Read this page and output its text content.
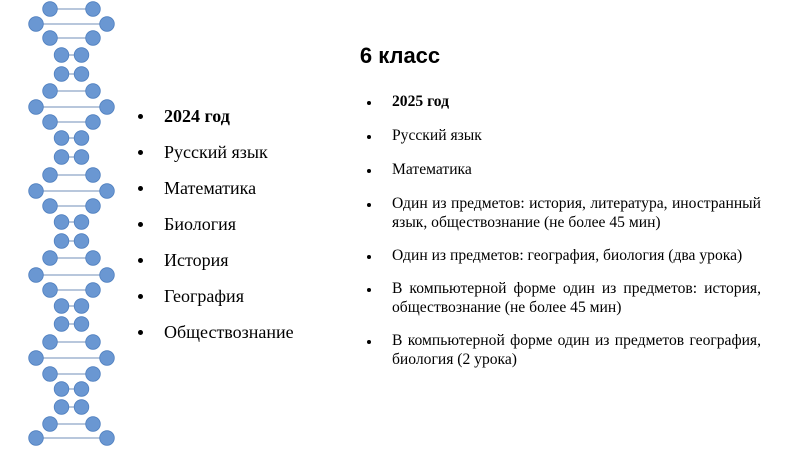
6 класс
2024 год
Русский язык
Математика
Биология
История
География
Обществознание
2025 год
Русский язык
Математика
Один из предметов: история, литература, иностранный язык, обществознание (не более 45 мин)
Один из предметов: география, биология (два урока)
В компьютерной форме один из предметов: история, обществознание (не более 45 мин)
В компьютерной форме один из предметов география, биология (2 урока)
